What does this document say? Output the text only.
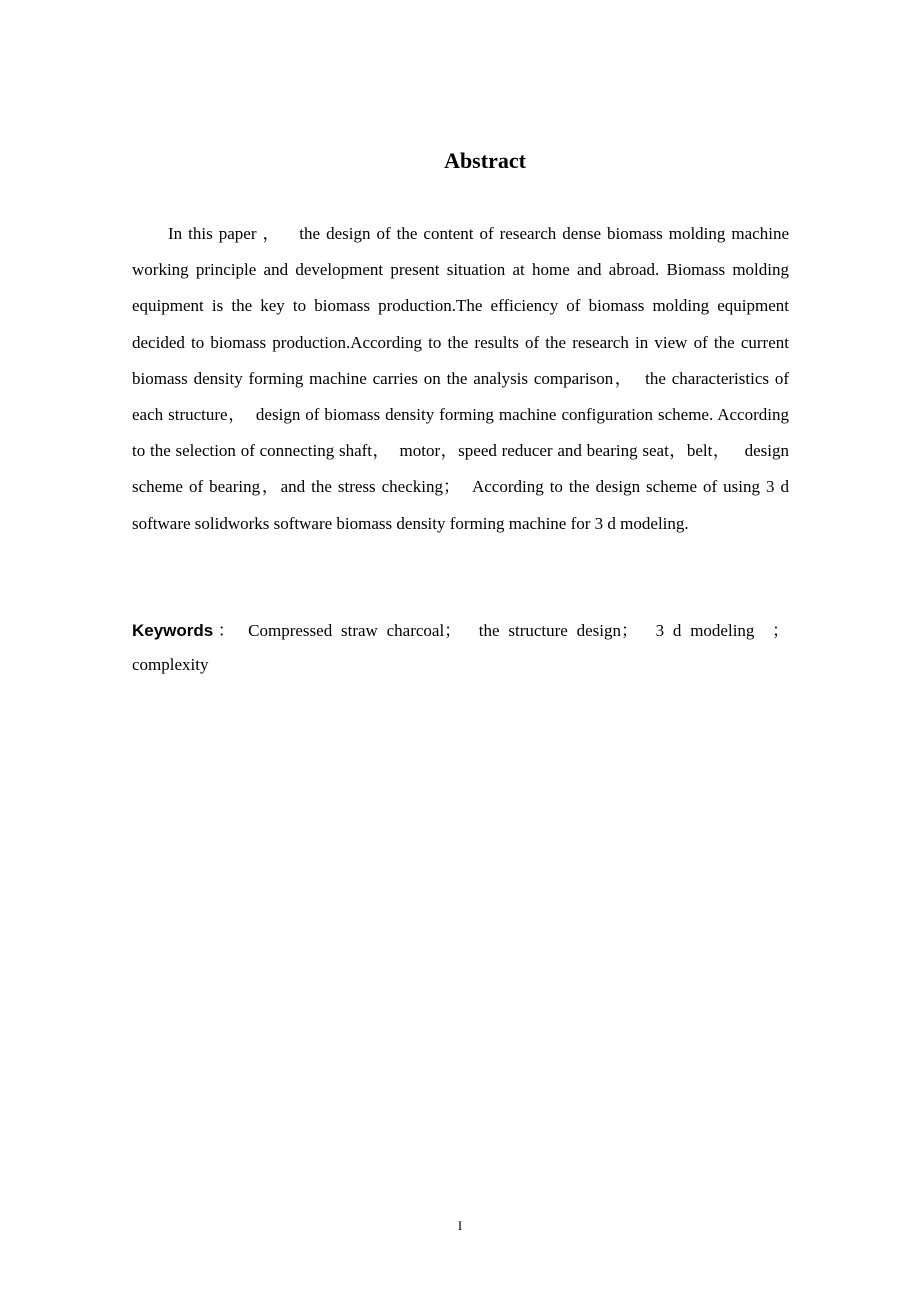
Abstract

In this paper ，   the design of the content of research dense biomass molding machine working principle and development present situation at home and abroad. Biomass molding equipment is the key to biomass production.The efficiency of biomass molding equipment decided to biomass production.According to the results of the research in view of the current biomass density forming machine carries on the analysis comparison，  the characteristics of each structure，  design of biomass density forming machine configuration scheme. According to the selection of connecting shaft，  motor，speed reducer and bearing seat，belt，   design scheme of bearing，and the stress checking；  According to the design scheme of using 3 d software solidworks software biomass density forming machine for 3 d modeling.

Keywords： Compressed straw charcoal；  the structure design；  3 d modeling  ；complexity

I
